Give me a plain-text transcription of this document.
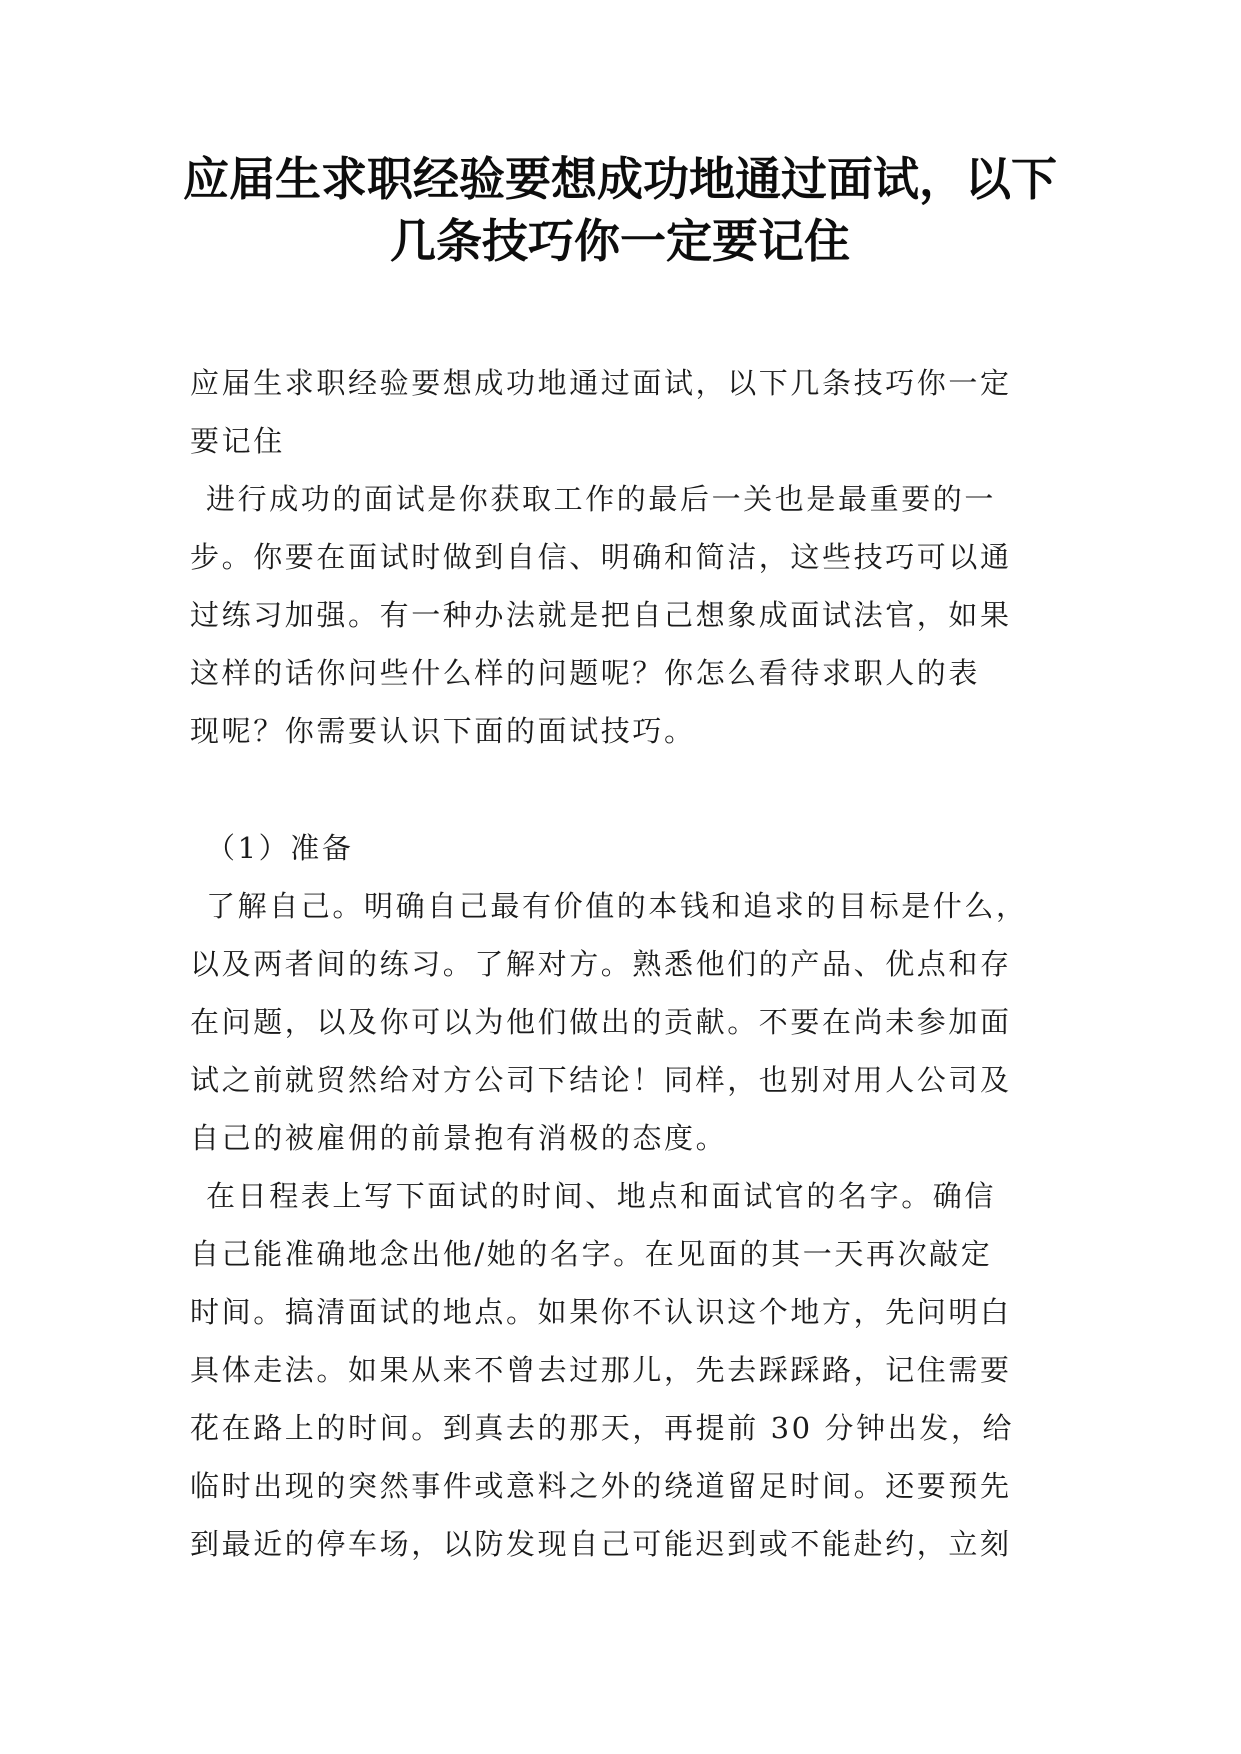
应届生求职经验要想成功地通过面试，以下
几条技巧你一定要记住
应届生求职经验要想成功地通过面试，以下几条技巧你一定
要记住
进行成功的面试是你获取工作的最后一关也是最重要的一
步。你要在面试时做到自信、明确和简洁，这些技巧可以通
过练习加强。有一种办法就是把自己想象成面试法官，如果
这样的话你问些什么样的问题呢？你怎么看待求职人的表
现呢？你需要认识下面的面试技巧。
（1）准备
了解自己。明确自己最有价值的本钱和追求的目标是什么，
以及两者间的练习。了解对方。熟悉他们的产品、优点和存
在问题，以及你可以为他们做出的贡献。不要在尚未参加面
试之前就贸然给对方公司下结论！同样，也别对用人公司及
自己的被雇佣的前景抱有消极的态度。
在日程表上写下面试的时间、地点和面试官的名字。确信
自己能准确地念出他/她的名字。在见面的其一天再次敲定
时间。搞清面试的地点。如果你不认识这个地方，先问明白
具体走法。如果从来不曾去过那儿，先去踩踩路，记住需要
花在路上的时间。到真去的那天，再提前 30 分钟出发，给
临时出现的突然事件或意料之外的绕道留足时间。还要预先
到最近的停车场，以防发现自己可能迟到或不能赴约，立刻
